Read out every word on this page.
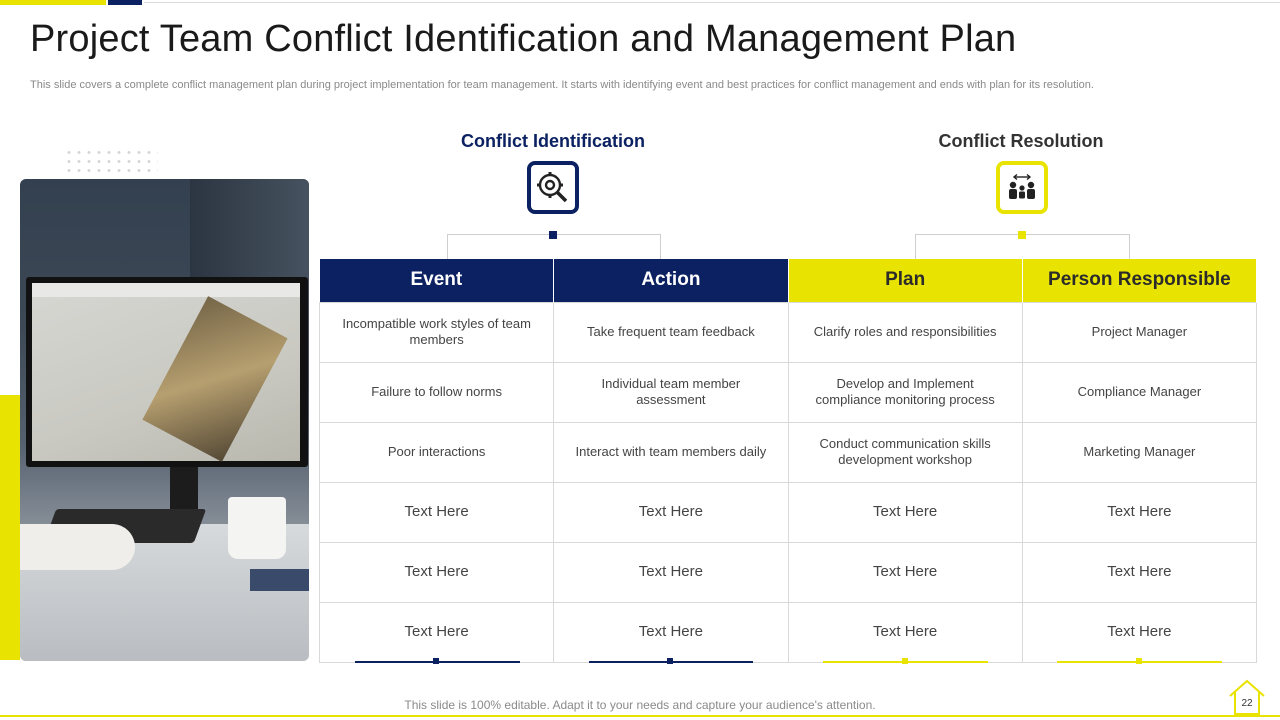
Project Team Conflict Identification and Management Plan

This slide covers a complete conflict management plan during project implementation for team management. It starts with identifying event and best practices for conflict management and ends with plan for its resolution.

Conflict Identification	Conflict Resolution
Event	Action	Plan	Person Responsible
Incompatible work styles of team members	Take frequent team feedback	Clarify roles and responsibilities	Project Manager
Failure to follow norms	Individual team member assessment	Develop and Implement compliance monitoring process	Compliance Manager
Poor interactions	Interact with team members daily	Conduct communication skills development workshop	Marketing Manager
Text Here	Text Here	Text Here	Text Here
Text Here	Text Here	Text Here	Text Here
Text Here	Text Here	Text Here	Text Here
This slide is 100% editable. Adapt it to your needs and capture your audience's attention.	22
